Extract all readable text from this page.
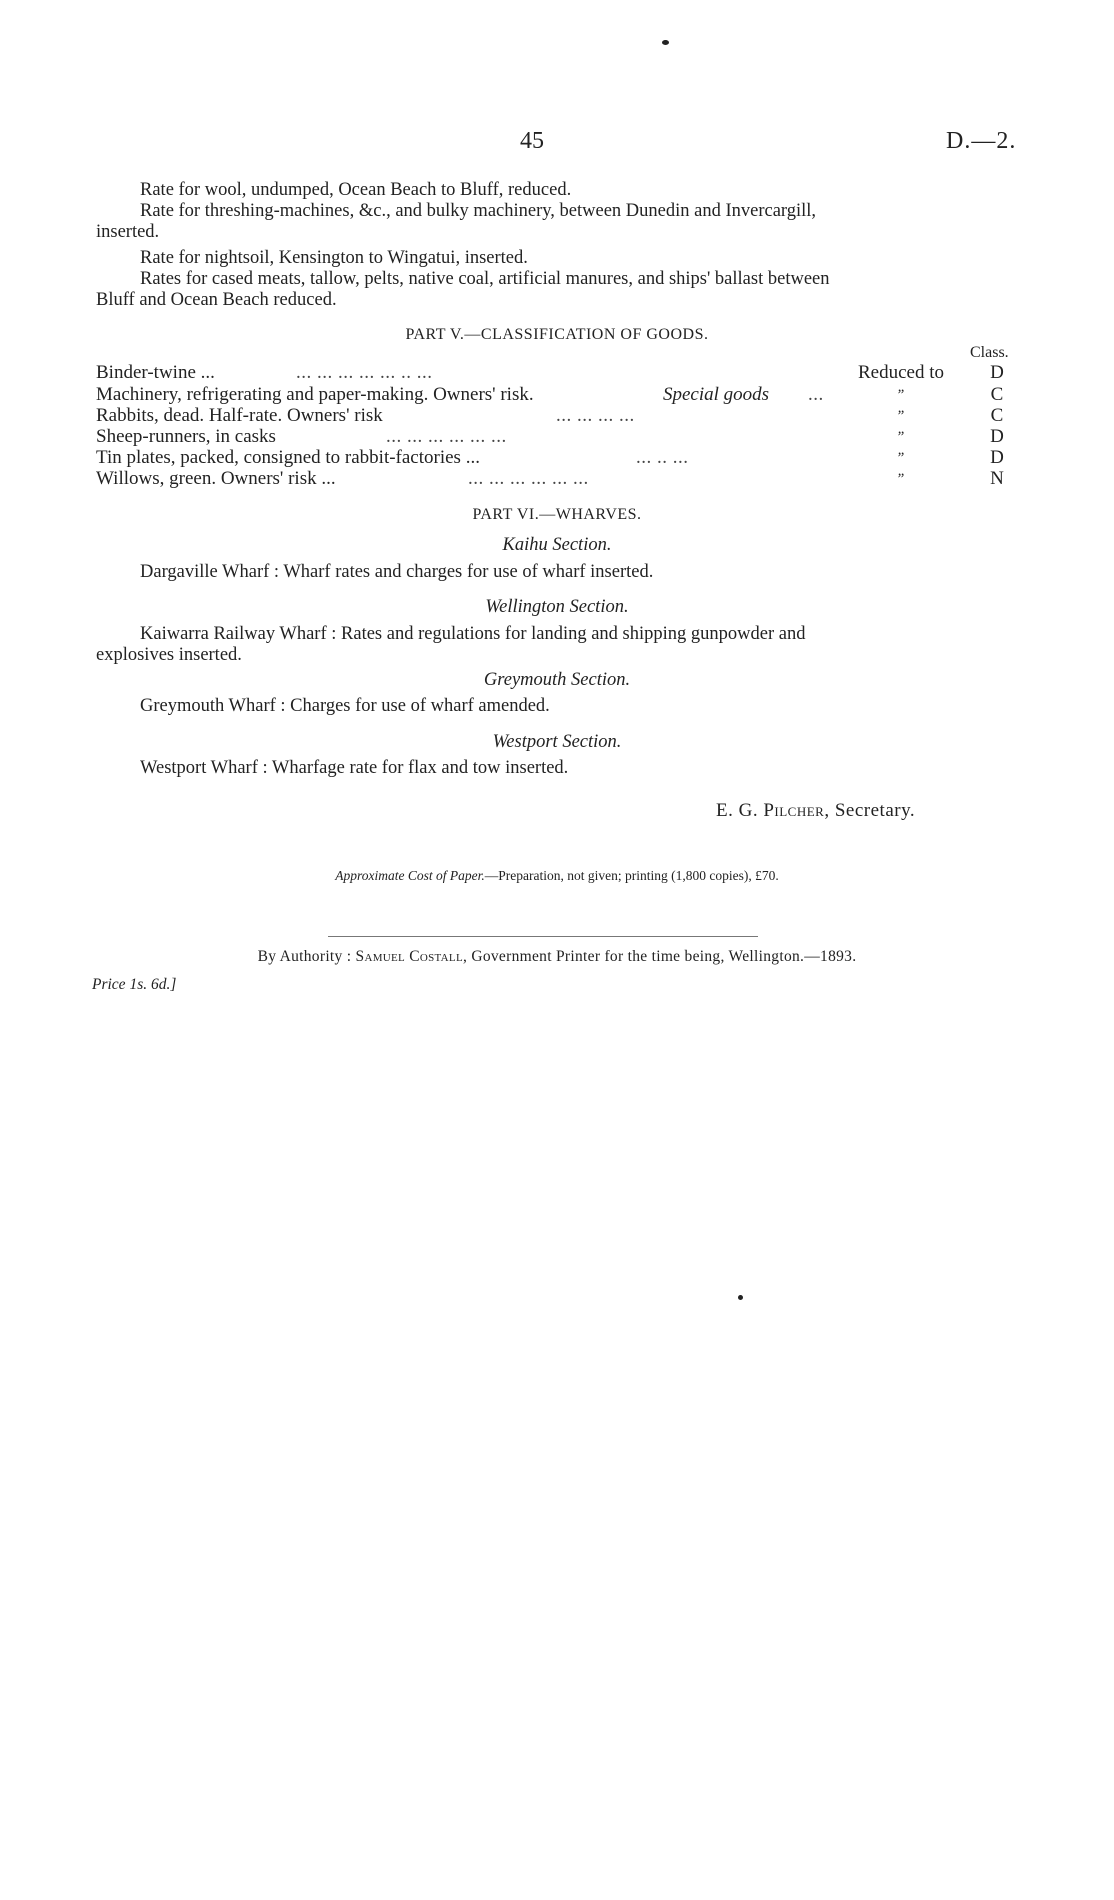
45	D.—2.
Rate for wool, undumped, Ocean Beach to Bluff, reduced.
Rate for threshing-machines, &c., and bulky machinery, between Dunedin and Invercargill,
inserted.
Rate for nightsoil, Kensington to Wingatui, inserted.
Rates for cased meats, tallow, pelts, native coal, artificial manures, and ships' ballast between
Bluff and Ocean Beach reduced.
PART V.—CLASSIFICATION OF GOODS.
Class.
Binder-twine ...	... ... ... ... ... .. ...	Reduced to	D
Machinery, refrigerating and paper-making. Owners' risk.	Special goods ...	”	C
Rabbits, dead. Half-rate. Owners' risk	... ... ... ...	”	C
Sheep-runners, in casks	... ... ... ... ... ...	”	D
Tin plates, packed, consigned to rabbit-factories ...	... .. ...	”	D
Willows, green. Owners' risk ...	... ... ... ... ... ...	”	N
PART VI.—WHARVES.
Kaihu Section.
Dargaville Wharf : Wharf rates and charges for use of wharf inserted.
Wellington Section.
Kaiwarra Railway Wharf : Rates and regulations for landing and shipping gunpowder and
explosives inserted.
Greymouth Section.
Greymouth Wharf : Charges for use of wharf amended.
Westport Section.
Westport Wharf : Wharfage rate for flax and tow inserted.
E. G. Pilcher, Secretary.
Approximate Cost of Paper.—Preparation, not given; printing (1,800 copies), £70.
By Authority : Samuel Costall, Government Printer for the time being, Wellington.—1893.
Price 1s. 6d.]
